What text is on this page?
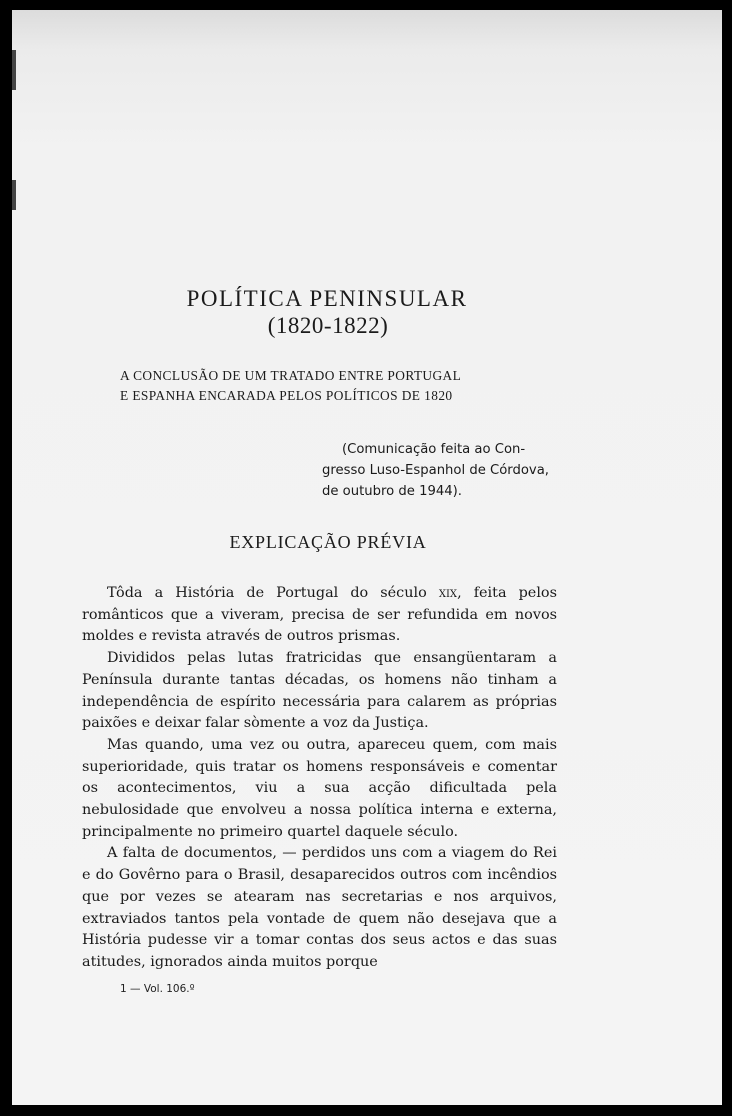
POLÍTICA PENINSULAR
(1820-1822)
A CONCLUSÃO DE UM TRATADO ENTRE PORTUGAL
E ESPANHA ENCARADA PELOS POLÍTICOS DE 1820
(Comunicação feita ao Con-
gresso Luso-Espanhol de Córdova,
de outubro de 1944).
EXPLICAÇÃO PRÉVIA

Tôda a História de Portugal do século xix, feita pelos românticos que a viveram, precisa de ser refundida em novos moldes e revista através de outros prismas.

Divididos pelas lutas fratricidas que ensangüentaram a Península durante tantas décadas, os homens não tinham a independência de espírito necessária para calarem as próprias paixões e deixar falar sòmente a voz da Justiça.

Mas quando, uma vez ou outra, apareceu quem, com mais superioridade, quis tratar os homens responsáveis e comentar os acontecimentos, viu a sua acção dificultada pela nebulosidade que envolveu a nossa política interna e externa, principalmente no primeiro quartel daquele século.

A falta de documentos, — perdidos uns com a viagem do Rei e do Govêrno para o Brasil, desaparecidos outros com incêndios que por vezes se atearam nas secretarias e nos arquivos, extraviados tantos pela vontade de quem não desejava que a História pudesse vir a tomar contas dos seus actos e das suas atitudes, ignorados ainda muitos porque

1 — Vol. 106.º
